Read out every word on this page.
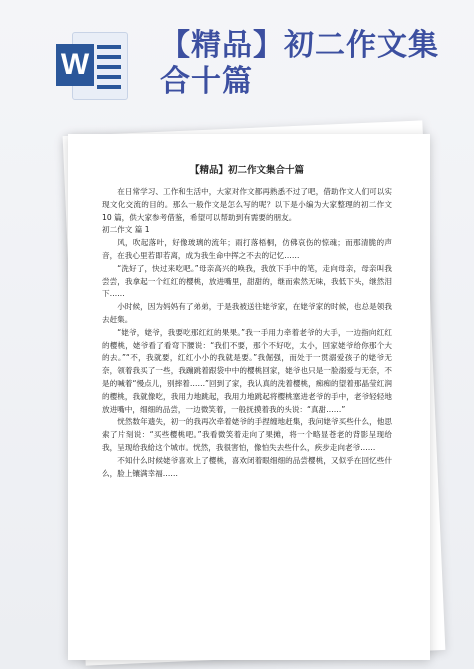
W
【精品】初二作文集合十篇

【精品】初二作文集合十篇

在日常学习、工作和生活中，大家对作文都再熟悉不过了吧，借助作文人们可以实现文化交流的目的。那么一般作文是怎么写的呢？以下是小编为大家整理的初二作文 10 篇，供大家参考借鉴，希望可以帮助到有需要的朋友。

初二作文 篇 1

风，吹起落叶，好像玻璃的流年；雨打落梧桐，仿佛哀伤的惊魂；而那清脆的声音，在我心里若即若离，成为我生命中挥之不去的记忆……

“洗好了，快过来吃吧。”母亲高兴的唤我，我放下手中的笔，走向母亲，母亲叫我尝尝，我拿起一个红红的樱桃，放进嘴里，甜甜的，继而索然无味，我低下头，继然泪下……

小时候，因为妈妈有了弟弟，于是我被送往姥爷家，在姥爷家的时候，也总是领我去赶集。

“姥爷，姥爷，我要吃那红红的果果。”我一手用力牵着老爷的大手，一边指向红红的樱桃，姥爷看了看弯下腰说：“我们不要，那个不好吃，太小，回家姥爷给你那个大的去。”“不，我就要，红红小小的我就是要。”我倔强，而处于一贯溺爱孩子的姥爷无奈，领着我买了一些，我蹦跳着跟袋中中的樱桃回家，姥爷也只是一脸溺爱与无奈，不是的喊着“慢点儿，别摔着……”回到了家，我认真的洗着樱桃，痴痴的望着那晶莹红润的樱桃，我就像吃，我用力地跳起，我用力地跳起将樱桃塞进老爷的手中，老爷轻轻地放进嘴中，细细的品尝，一边微笑着，一般抚摸着我的头说：“真甜……”

恍然数年遗失，初一的我再次牵着姥爷的手捏缠地赶集，我问姥爷买些什么，他思索了片刻说：“买些樱桃吧。”我看微笑着走向了果摊，将一个略显苍老的背影呈现给我，呈现给我給这个城市。恍然，我很害怕，像怕失去些什么，疾步走向老爷……

不知什么时候姥爷喜欢上了樱桃，喜欢闭着眼细细的品尝樱桃，又似乎在回忆些什么，脸上镶满幸福……
